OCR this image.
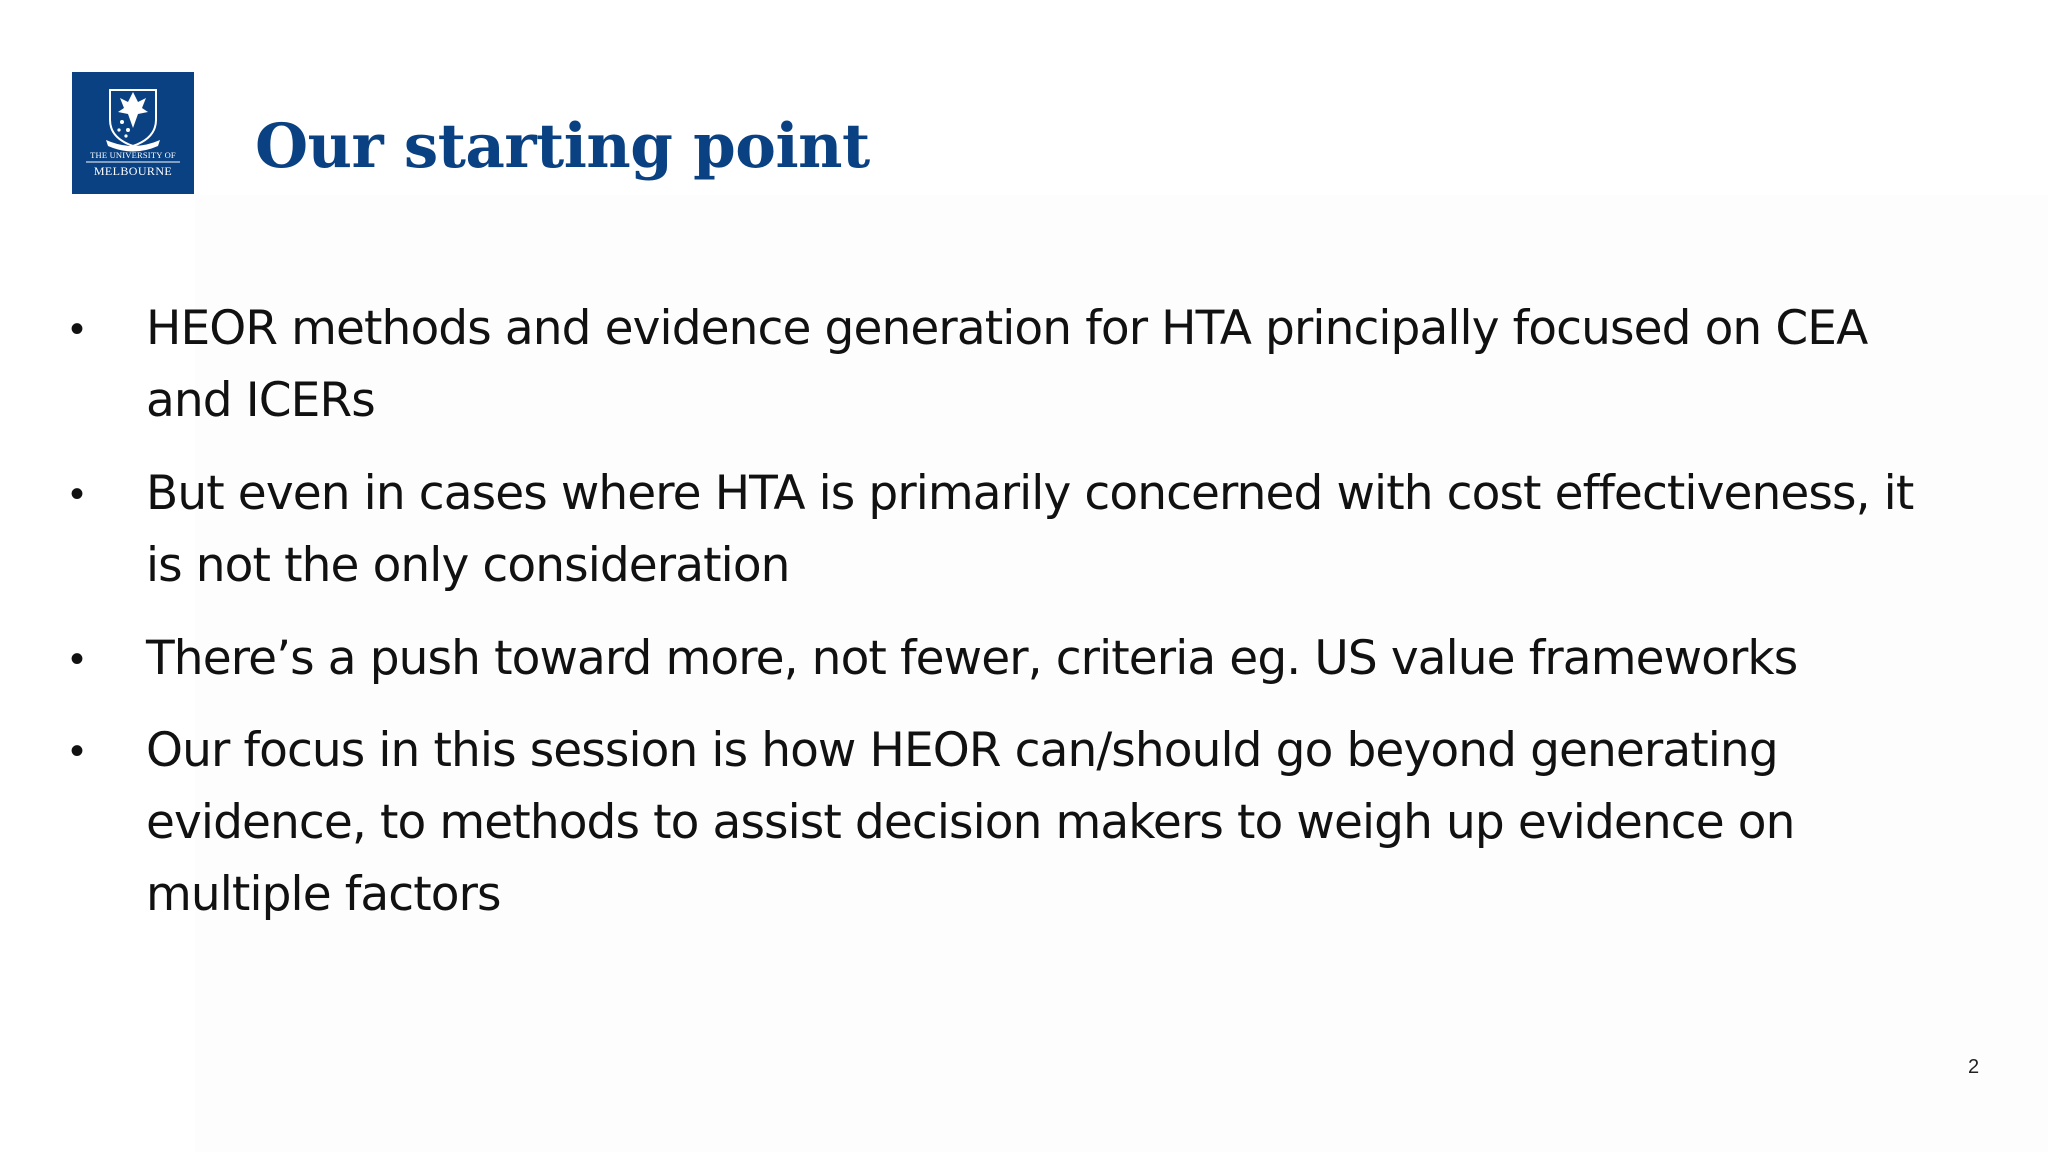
THE UNIVERSITY OF
MELBOURNE	Our starting point
• HEOR methods and evidence generation for HTA principally focused on CEA and ICERs
• But even in cases where HTA is primarily concerned with cost effectiveness, it is not the only consideration
• There’s a push toward more, not fewer, criteria eg. US value frameworks
• Our focus in this session is how HEOR can/should go beyond generating evidence, to methods to assist decision makers to weigh up evidence on multiple factors
2
